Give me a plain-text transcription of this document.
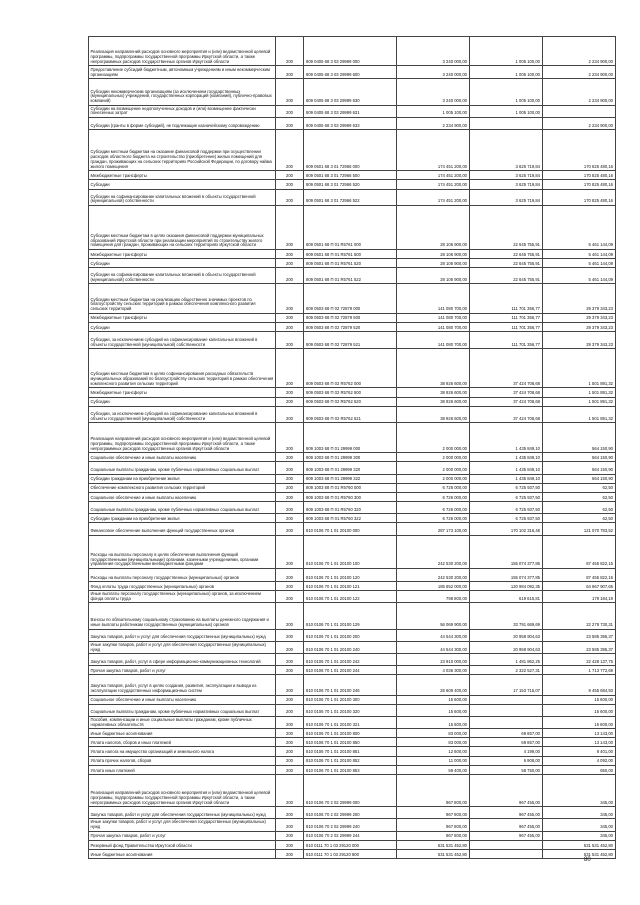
Реализация направлений расходов основного мероприятия и (или) ведомственной целевой программы, подпрограммы государственной программы Иркутской области, а также непрограммных расходов государственных органов Иркутской области	200	809 0405 68 3 03 29999 000	3 240 000,00	1 005 100,00	2 234 900,00
Предоставление субсидий бюджетным, автономным учреждениям и иным некоммерческим организациям	200	809 0405 68 3 03 29999 600	3 240 000,00	1 005 100,00	2 234 900,00
Субсидии некоммерческим организациям (за исключением государственных (муниципальных) учреждений, государственных корпораций (компаний), публично-правовых компаний)	200	809 0405 68 3 03 29999 630	3 240 000,00	1 005 100,00	2 234 900,00
Субсидии на возмещение недополученных доходов и (или) возмещение фактически понесенных затрат	200	809 0405 68 3 03 29999 631	1 005 100,00	1 005 100,00	
Субсидии (гранты в форме субсидий), не подлежащие казначейскому сопровождению	200	809 0405 68 3 03 29999 633	2 234 900,00		2 234 900,00
Субсидии местным бюджетам на оказание финансовой поддержки при осуществлении расходов областного бюджета на строительство (приобретение) жилых помещений для граждан, проживающих на сельских территориях Российской Федерации, по договору найма жилого помещения	200	809 0501 68 3 01 72966 000	174 451 200,00	3 625 719,84	170 825 480,16
Межбюджетные трансферты	200	809 0501 68 3 01 72966 500	174 451 200,00	3 625 719,84	170 825 480,16
Субсидии	200	809 0501 68 3 01 72966 520	174 451 200,00	3 625 719,84	170 825 480,16
Субсидии на софинансирование капитальных вложений в объекты государственной (муниципальной) собственности	200	809 0501 68 3 01 72966 522	174 451 200,00	3 625 719,84	170 825 480,16
Субсидии местным бюджетам в целях оказания финансовой поддержки муниципальных образований Иркутской области при реализации мероприятий по строительству жилого помещения для граждан, проживающих на сельских территориях Иркутской области	200	809 0501 68 П 01 R5761 000	28 106 900,00	22 645 755,91	5 461 144,09
Межбюджетные трансферты	200	809 0501 68 П 01 R5761 500	28 106 900,00	22 645 755,91	5 461 144,09
Субсидии	200	809 0501 68 П 01 R5761 520	28 106 900,00	22 645 755,91	5 461 144,09
Субсидии на софинансирование капитальных вложений в объекты государственной (муниципальной) собственности	200	809 0501 68 П 01 R5761 522	28 106 900,00	22 645 755,91	5 461 144,09
Субсидии местным бюджетам на реализацию общественно значимых проектов по благоустройству сельских территорий в рамках обеспечения комплексного развития сельских территорий	200	809 0503 68 П 02 72879 000	141 080 700,00	111 701 356,77	29 379 343,23
Межбюджетные трансферты	200	809 0503 68 П 02 72879 500	141 080 700,00	111 701 356,77	29 379 343,23
Субсидии	200	809 0503 68 П 02 72879 520	141 080 700,00	111 701 356,77	29 379 343,23
Субсидии, за исключением субсидий на софинансирование капитальных вложений в объекты государственной (муниципальной) собственности	200	809 0503 68 П 02 72879 521	141 080 700,00	111 701 356,77	29 379 343,23
Субсидии местным бюджетам в целях софинансирования расходных обязательств муниципальных образований по благоустройству сельских территорий в рамках обеспечения комплексного развития сельских территорий	200	809 0503 68 П 02 R5762 000	38 926 600,00	37 424 708,68	1 501 891,32
Межбюджетные трансферты	200	809 0503 68 П 02 R5762 500	38 926 600,00	37 424 708,68	1 501 891,32
Субсидии	200	809 0503 68 П 02 R5762 520	38 926 600,00	37 424 708,68	1 501 891,32
Субсидии, за исключением субсидий на софинансирование капитальных вложений в объекты государственной (муниципальной) собственности	200	809 0503 68 П 02 R5762 521	38 926 600,00	37 424 708,68	1 501 891,32
Реализация направлений расходов основного мероприятия и (или) ведомственной целевой программы, подпрограммы государственной программы Иркутской области, а также непрограммных расходов государственных органов Иркутской области	200	809 1003 68 П 01 29999 000	2 000 000,00	1 435 849,10	564 150,90
Социальное обеспечение и иные выплаты населению	200	809 1003 68 П 01 29999 300	2 000 000,00	1 435 849,10	564 150,90
Социальные выплаты гражданам, кроме публичных нормативных социальных выплат	200	809 1003 68 П 01 29999 320	2 000 000,00	1 435 849,10	564 150,90
Субсидии гражданам на приобретение жилья	200	809 1003 68 П 01 29999 322	2 000 000,00	1 435 849,10	564 150,90
Обеспечение комплексного развития сельских территорий	200	809 1003 68 П 01 R5760 000	6 726 000,00	6 725 937,50	62,50
Социальное обеспечение и иные выплаты населению	200	809 1003 68 П 01 R5760 300	6 726 000,00	6 725 937,50	62,50
Социальные выплаты гражданам, кроме публичных нормативных социальных выплат	200	809 1003 68 П 01 R5760 320	6 726 000,00	6 725 937,50	62,50
Субсидии гражданам на приобретение жилья	200	809 1003 68 П 01 R5760 322	6 726 000,00	6 725 937,50	62,50
Финансовое обеспечение выполнения функций государственных органов	200	810 0106 70 1 01 20100 000	287 173 100,00	170 102 316,48	121 070 783,52
Расходы на выплаты персоналу в целях обеспечения выполнения функций государственными (муниципальными) органами, казенными учреждениями, органами управления государственными внебюджетными фондами	200	810 0106 70 1 01 20100 100	242 530 200,00	155 074 377,85	87 455 822,15
Расходы на выплаты персоналу государственных (муниципальных) органов	200	810 0106 70 1 01 20100 120	242 530 200,00	155 074 377,85	87 455 822,15
Фонд оплаты труда государственных (муниципальных) органов	200	810 0106 70 1 01 20100 121	185 652 000,00	120 984 092,35	64 667 907,65
Иные выплаты персоналу государственных (муниципальных) органов, за исключением фонда оплаты труда	200	810 0106 70 1 01 20100 122	798 800,00	619 615,81	179 184,19
Взносы по обязательному социальному страхованию на выплаты денежного содержания и иные выплаты работникам государственных (муниципальных) органов	200	810 0106 70 1 01 20100 129	56 069 900,00	33 791 669,69	22 278 730,31
Закупка товаров, работ и услуг для обеспечения государственных (муниципальных) нужд	200	810 0106 70 1 01 20100 200	44 544 300,00	20 958 904,63	23 585 395,37
Иные закупки товаров, работ и услуг для обеспечения государственных (муниципальных) нужд	200	810 0106 70 1 01 20100 240	44 544 300,00	20 958 904,63	23 585 395,37
Закупка товаров, работ, услуг в сфере информационно-коммуникационных технологий	200	810 0106 70 1 01 20100 242	23 910 000,00	1 481 862,25	22 428 137,75
Прочая закупка товаров, работ и услуг	200	810 0106 70 1 01 20100 244	4 036 300,00	2 322 527,31	1 713 772,69
Закупка товаров, работ, услуг в целях создания, развития, эксплуатации и вывода из эксплуатации государственных информационных систем	200	810 0106 70 1 01 20100 246	26 609 400,00	17 153 715,07	9 455 684,93
Социальное обеспечение и иные выплаты населению	200	810 0106 70 1 01 20100 300	15 600,00		15 600,00
Социальные выплаты гражданам, кроме публичных нормативных социальных выплат	200	810 0106 70 1 01 20100 320	15 600,00		15 600,00
Пособия, компенсации и иные социальные выплаты гражданам, кроме публичных нормативных обязательств	200	810 0106 70 1 01 20100 321	15 600,00		15 600,00
Иные бюджетные ассигнования	200	810 0106 70 1 01 20100 800	83 000,00	69 857,00	13 143,00
Уплата налогов, сборов и иных платежей	200	810 0106 70 1 01 20100 850	83 000,00	69 857,00	13 143,00
Уплата налога на имущество организаций и земельного налога	200	810 0106 70 1 01 20100 851	12 600,00	4 199,00	8 401,00
Уплата прочих налогов, сборов	200	810 0106 70 1 01 20100 852	11 000,00	6 908,00	4 092,00
Уплата иных платежей	200	810 0106 70 1 01 20100 853	59 400,00	58 750,00	650,00
Реализация направлений расходов основного мероприятия и (или) ведомственной целевой программы, подпрограммы государственной программы Иркутской области, а также непрограммных расходов государственных органов Иркутской области	200	810 0106 70 2 02 29999 000	967 800,00	967 455,00	345,00
Закупка товаров, работ и услуг для обеспечения государственных (муниципальных) нужд	200	810 0106 70 2 02 29999 200	967 800,00	967 455,00	345,00
Иные закупки товаров, работ и услуг для обеспечения государственных (муниципальных) нужд	200	810 0106 70 2 02 29999 240	967 800,00	967 455,00	345,00
Прочая закупка товаров, работ и услуг	200	810 0106 70 2 02 29999 244	967 800,00	967 455,00	345,00
Резервный фонд Правительства Иркутской области	200	810 0111 70 1 03 29120 000	531 531 452,80		531 531 452,80
Иные бюджетные ассигнования	200	810 0111 70 1 03 29120 800	531 531 452,80		531 531 452,80
80
